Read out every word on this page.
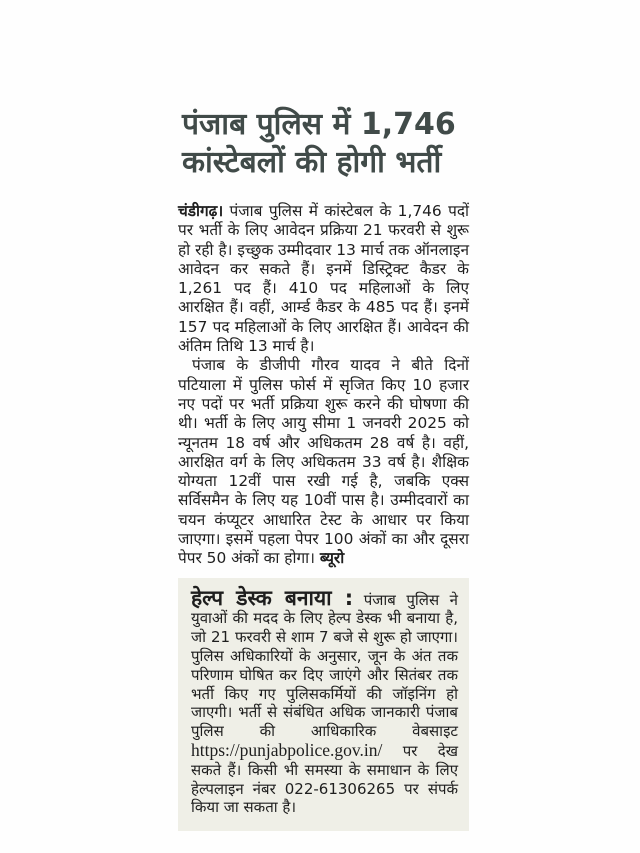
पंजाब पुलिस में 1,746
कांस्टेबलों की होगी भर्ती

चंडीगढ़। पंजाब पुलिस में कांस्टेबल के 1,746 पदों पर भर्ती के लिए आवेदन प्रक्रिया 21 फरवरी से शुरू हो रही है। इच्छुक उम्मीदवार 13 मार्च तक ऑनलाइन आवेदन कर सकते हैं। इनमें डिस्ट्रिक्ट कैडर के 1,261 पद हैं। 410 पद महिलाओं के लिए आरक्षित हैं। वहीं, आर्म्ड कैडर के 485 पद हैं। इनमें 157 पद महिलाओं के लिए आरक्षित हैं। आवेदन की अंतिम तिथि 13 मार्च है।

पंजाब के डीजीपी गौरव यादव ने बीते दिनों पटियाला में पुलिस फोर्स में सृजित किए 10 हजार नए पदों पर भर्ती प्रक्रिया शुरू करने की घोषणा की थी। भर्ती के लिए आयु सीमा 1 जनवरी 2025 को न्यूनतम 18 वर्ष और अधिकतम 28 वर्ष है। वहीं, आरक्षित वर्ग के लिए अधिकतम 33 वर्ष है। शैक्षिक योग्यता 12वीं पास रखी गई है, जबकि एक्स सर्विसमैन के लिए यह 10वीं पास है। उम्मीदवारों का चयन कंप्यूटर आधारित टेस्ट के आधार पर किया जाएगा। इसमें पहला पेपर 100 अंकों का और दूसरा पेपर 50 अंकों का होगा। ब्यूरो

हेल्प डेस्क बनाया : पंजाब पुलिस ने युवाओं की मदद के लिए हेल्प डेस्क भी बनाया है, जो 21 फरवरी से शाम 7 बजे से शुरू हो जाएगा। पुलिस अधिकारियों के अनुसार, जून के अंत तक परिणाम घोषित कर दिए जाएंगे और सितंबर तक भर्ती किए गए पुलिसकर्मियों की जॉइनिंग हो जाएगी। भर्ती से संबंधित अधिक जानकारी पंजाब पुलिस की आधिकारिक वेबसाइट https://punjabpolice.gov.in/ पर देख सकते हैं। किसी भी समस्या के समाधान के लिए हेल्पलाइन नंबर 022-61306265 पर संपर्क किया जा सकता है।
